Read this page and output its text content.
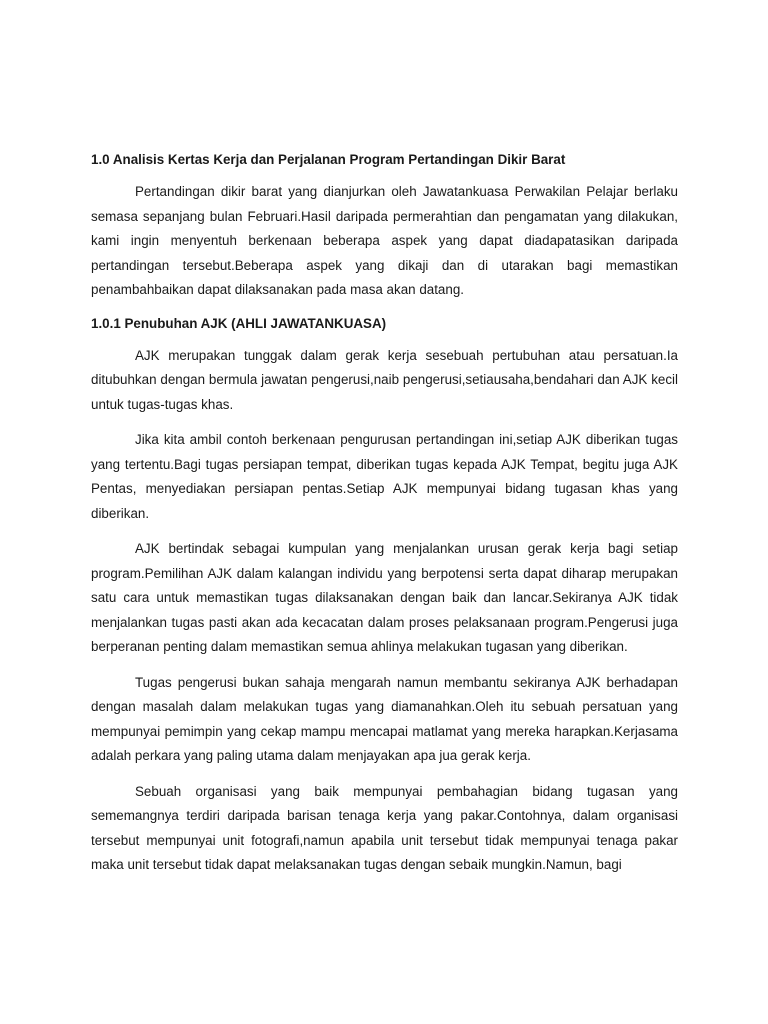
1.0 Analisis Kertas Kerja dan Perjalanan Program Pertandingan Dikir Barat

Pertandingan dikir barat yang dianjurkan oleh Jawatankuasa Perwakilan Pelajar berlaku semasa sepanjang bulan Februari.Hasil daripada permerahtian dan pengamatan yang dilakukan, kami ingin menyentuh berkenaan beberapa aspek yang dapat diadapatasikan daripada pertandingan tersebut.Beberapa aspek yang dikaji dan di utarakan bagi memastikan penambahbaikan dapat dilaksanakan pada masa akan datang.

1.0.1 Penubuhan AJK (AHLI JAWATANKUASA)

AJK merupakan tunggak dalam gerak kerja sesebuah pertubuhan atau persatuan.Ia ditubuhkan dengan bermula jawatan pengerusi,naib pengerusi,setiausaha,bendahari dan AJK kecil untuk tugas-tugas khas.

Jika kita ambil contoh berkenaan pengurusan pertandingan ini,setiap AJK diberikan tugas yang tertentu.Bagi tugas persiapan tempat, diberikan tugas kepada AJK Tempat, begitu juga AJK Pentas, menyediakan persiapan pentas.Setiap AJK mempunyai bidang tugasan khas yang diberikan.

AJK bertindak sebagai kumpulan yang menjalankan urusan gerak kerja bagi setiap program.Pemilihan AJK dalam kalangan individu yang berpotensi serta dapat diharap merupakan satu cara untuk memastikan tugas dilaksanakan dengan baik dan lancar.Sekiranya AJK tidak menjalankan tugas pasti akan ada kecacatan dalam proses pelaksanaan program.Pengerusi juga berperanan penting dalam memastikan semua ahlinya melakukan tugasan yang diberikan.

Tugas pengerusi bukan sahaja mengarah namun membantu sekiranya AJK berhadapan dengan masalah dalam melakukan tugas yang diamanahkan.Oleh itu sebuah persatuan yang mempunyai pemimpin yang cekap mampu mencapai matlamat yang mereka harapkan.Kerjasama adalah perkara yang paling utama dalam menjayakan apa jua gerak kerja.

Sebuah organisasi yang baik mempunyai pembahagian bidang tugasan yang sememangnya terdiri daripada barisan tenaga kerja yang pakar.Contohnya, dalam organisasi tersebut mempunyai unit fotografi,namun apabila unit tersebut tidak mempunyai tenaga pakar maka unit tersebut tidak dapat melaksanakan tugas dengan sebaik mungkin.Namun, bagi
